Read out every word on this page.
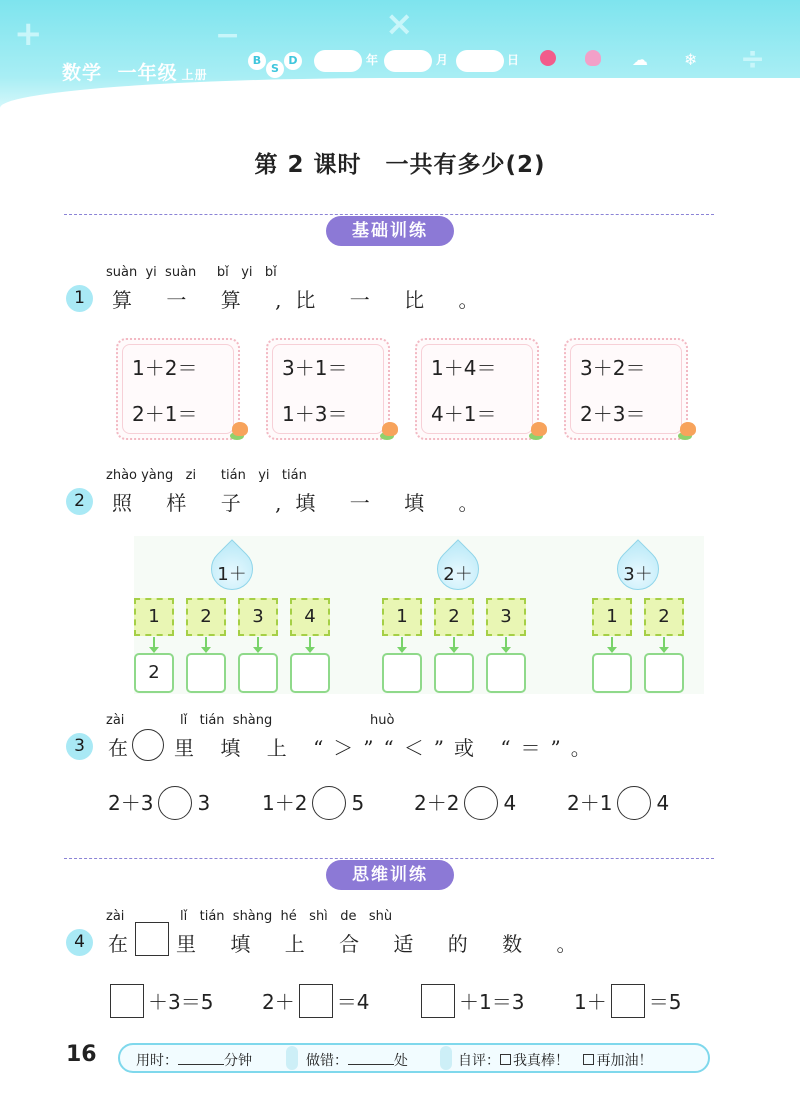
+	−	×
÷
数学 一年级 上册
B
S
D	年	月	日	☁ ❄
第 2 课时　一共有多少(2)
基础训练
suàn  yi  suàn     bǐ   yi   bǐ
1	算 一 算 ,比 一 比 。
1＋2＝
2＋1＝
3＋1＝
1＋3＝
1＋4＝
4＋1＝
3＋2＝
2＋3＝
zhào yàng   zi      tián   yi   tián
2	照 样 子 ,填 一 填 。
1＋
1	2	3	4
2
2＋
1	2	3
3＋
1	2
zài	lǐ   tián  shàng	huò
3	在 里 填 上 “＞”“＜”或 “＝”。
2＋3 3	1＋2 5 2＋2 4	2＋1 4
思维训练
zài	lǐ   tián  shàng  hé   shì   de   shù
4	在 里 填 上 合 适 的 数 。
＋3＝5 2＋ ＝4	＋1＝3 1＋ ＝5
16	用时：	分钟	做错：	处	自评： 我真棒！ 再加油！
